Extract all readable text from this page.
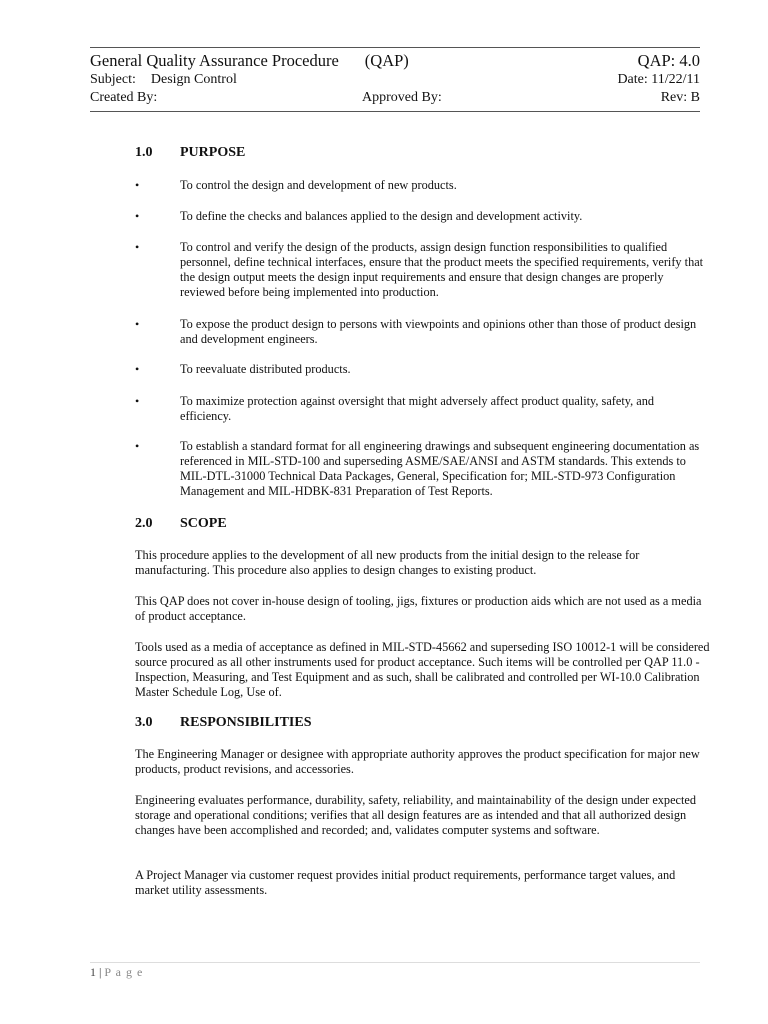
General Quality Assurance Procedure (QAP)	QAP: 4.0
Subject: Design Control	Date: 11/22/11
Created By:	Approved By:	Rev: B
1.0	PURPOSE
•	To control the design and development of new products.
•	To define the checks and balances applied to the design and development activity.
•	To control and verify the design of the products, assign design function responsibilities to qualified personnel, define technical interfaces, ensure that the product meets the specified requirements, verify that the design output meets the design input requirements and ensure that design changes are properly reviewed before being implemented into production.
•	To expose the product design to persons with viewpoints and opinions other than those of product design and development engineers.
•	To reevaluate distributed products.
•	To maximize protection against oversight that might adversely affect product quality, safety, and efficiency.
•	To establish a standard format for all engineering drawings and subsequent engineering documentation as referenced in MIL-STD-100 and superseding ASME/SAE/ANSI and ASTM standards. This extends to MIL-DTL-31000 Technical Data Packages, General, Specification for; MIL-STD-973 Configuration Management and MIL-HDBK-831 Preparation of Test Reports.
2.0	SCOPE

This procedure applies to the development of all new products from the initial design to the release for manufacturing. This procedure also applies to design changes to existing product.

This QAP does not cover in-house design of tooling, jigs, fixtures or production aids which are not used as a media of product acceptance.

Tools used as a media of acceptance as defined in MIL-STD-45662 and superseding ISO 10012-1 will be considered source procured as all other instruments used for product acceptance. Such items will be controlled per QAP 11.0 - Inspection, Measuring, and Test Equipment and as such, shall be calibrated and controlled per WI-10.0 Calibration Master Schedule Log, Use of.

3.0	RESPONSIBILITIES

The Engineering Manager or designee with appropriate authority approves the product specification for major new products, product revisions, and accessories.

Engineering evaluates performance, durability, safety, reliability, and maintainability of the design under expected storage and operational conditions; verifies that all design features are as intended and that all authorized design changes have been accomplished and recorded; and, validates computer systems and software.

A Project Manager via customer request provides initial product requirements, performance target values, and market utility assessments.

1 | P a g e
